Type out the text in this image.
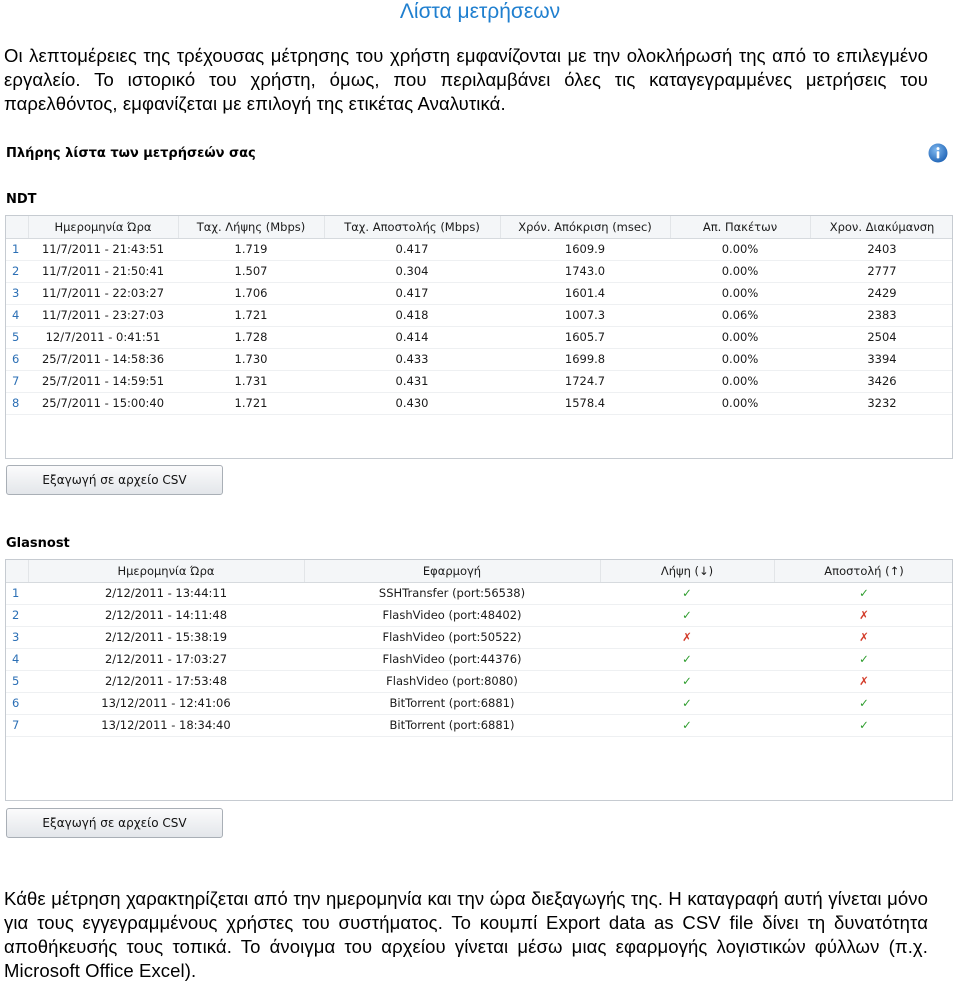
Λίστα μετρήσεων
Οι λεπτομέρειες της τρέχουσας μέτρησης του χρήστη εμφανίζονται με την ολοκλήρωσή της από το επιλεγμένο εργαλείο. Το ιστορικό του χρήστη, όμως, που περιλαμβάνει όλες τις καταγεγραμμένες μετρήσεις του παρελθόντος, εμφανίζεται με επιλογή της ετικέτας Αναλυτικά.
Πλήρης λίστα των μετρήσεών σας
NDT
	Ημερομηνία Ώρα	Ταχ. Λήψης (Mbps)	Ταχ. Αποστολής (Mbps)	Χρόν. Απόκριση (msec)	Απ. Πακέτων	Χρον. Διακύμανση
1	11/7/2011 - 21:43:51	1.719	0.417	1609.9	0.00%	2403
2	11/7/2011 - 21:50:41	1.507	0.304	1743.0	0.00%	2777
3	11/7/2011 - 22:03:27	1.706	0.417	1601.4	0.00%	2429
4	11/7/2011 - 23:27:03	1.721	0.418	1007.3	0.06%	2383
5	12/7/2011 - 0:41:51	1.728	0.414	1605.7	0.00%	2504
6	25/7/2011 - 14:58:36	1.730	0.433	1699.8	0.00%	3394
7	25/7/2011 - 14:59:51	1.731	0.431	1724.7	0.00%	3426
8	25/7/2011 - 15:00:40	1.721	0.430	1578.4	0.00%	3232
Εξαγωγή σε αρχείο CSV
Glasnost
	Ημερομηνία Ώρα	Εφαρμογή	Λήψη (↓)	Αποστολή (↑)
1	2/12/2011 - 13:44:11	SSHTransfer (port:56538)	✓	✓
2	2/12/2011 - 14:11:48	FlashVideo (port:48402)	✓	✗
3	2/12/2011 - 15:38:19	FlashVideo (port:50522)	✗	✗
4	2/12/2011 - 17:03:27	FlashVideo (port:44376)	✓	✓
5	2/12/2011 - 17:53:48	FlashVideo (port:8080)	✓	✗
6	13/12/2011 - 12:41:06	BitTorrent (port:6881)	✓	✓
7	13/12/2011 - 18:34:40	BitTorrent (port:6881)	✓	✓
Εξαγωγή σε αρχείο CSV
Κάθε μέτρηση χαρακτηρίζεται από την ημερομηνία και την ώρα διεξαγωγής της. Η καταγραφή αυτή γίνεται μόνο για τους εγγεγραμμένους χρήστες του συστήματος. Το κουμπί Export data as CSV file δίνει τη δυνατότητα αποθήκευσής τους τοπικά. Το άνοιγμα του αρχείου γίνεται μέσω μιας εφαρμογής λογιστικών φύλλων (π.χ. Microsoft Office Excel).
